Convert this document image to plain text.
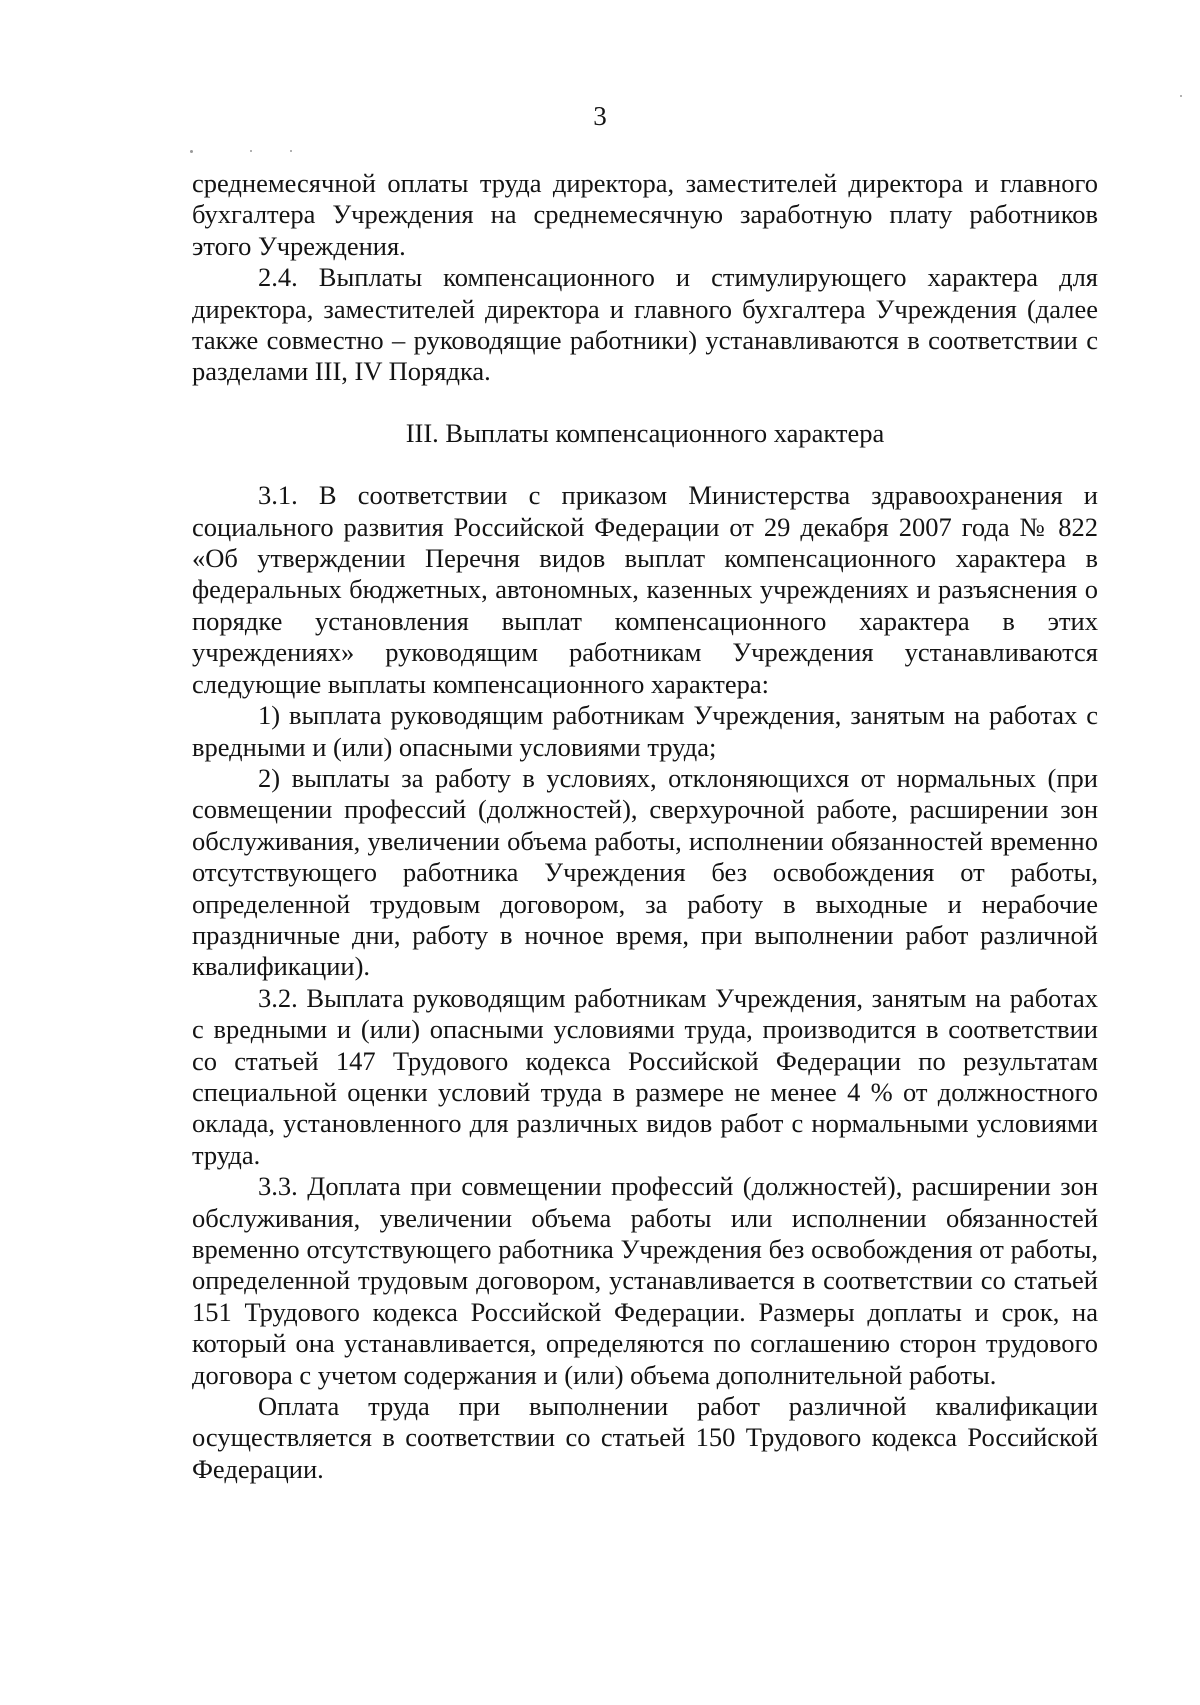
3

среднемесячной оплаты труда директора, заместителей директора и главного бухгалтера Учреждения на среднемесячную заработную плату работников этого Учреждения.

2.4. Выплаты компенсационного и стимулирующего характера для директора, заместителей директора и главного бухгалтера Учреждения (далее также совместно – руководящие работники) устанавливаются в соответствии с разделами III, IV Порядка.

III. Выплаты компенсационного характера

3.1. В соответствии с приказом Министерства здравоохранения и социального развития Российской Федерации от 29 декабря 2007 года № 822 «Об утверждении Перечня видов выплат компенсационного характера в федеральных бюджетных, автономных, казенных учреждениях и разъяснения о порядке установления выплат компенсационного характера в этих учреждениях» руководящим работникам Учреждения устанавливаются следующие выплаты компенсационного характера:

1) выплата руководящим работникам Учреждения, занятым на работах с вредными и (или) опасными условиями труда;

2) выплаты за работу в условиях, отклоняющихся от нормальных (при совмещении профессий (должностей), сверхурочной работе, расширении зон обслуживания, увеличении объема работы, исполнении обязанностей временно отсутствующего работника Учреждения без освобождения от работы, определенной трудовым договором, за работу в выходные и нерабочие праздничные дни, работу в ночное время, при выполнении работ различной квалификации).

3.2. Выплата руководящим работникам Учреждения, занятым на работах с вредными и (или) опасными условиями труда, производится в соответствии со статьей 147 Трудового кодекса Российской Федерации по результатам специальной оценки условий труда в размере не менее 4 % от должностного оклада, установленного для различных видов работ с нормальными условиями труда.

3.3. Доплата при совмещении профессий (должностей), расширении зон обслуживания, увеличении объема работы или исполнении обязанностей временно отсутствующего работника Учреждения без освобождения от работы, определенной трудовым договором, устанавливается в соответствии со статьей 151 Трудового кодекса Российской Федерации. Размеры доплаты и срок, на который она устанавливается, определяются по соглашению сторон трудового договора с учетом содержания и (или) объема дополнительной работы.

Оплата труда при выполнении работ различной квалификации осуществляется в соответствии со статьей 150 Трудового кодекса Российской Федерации.
